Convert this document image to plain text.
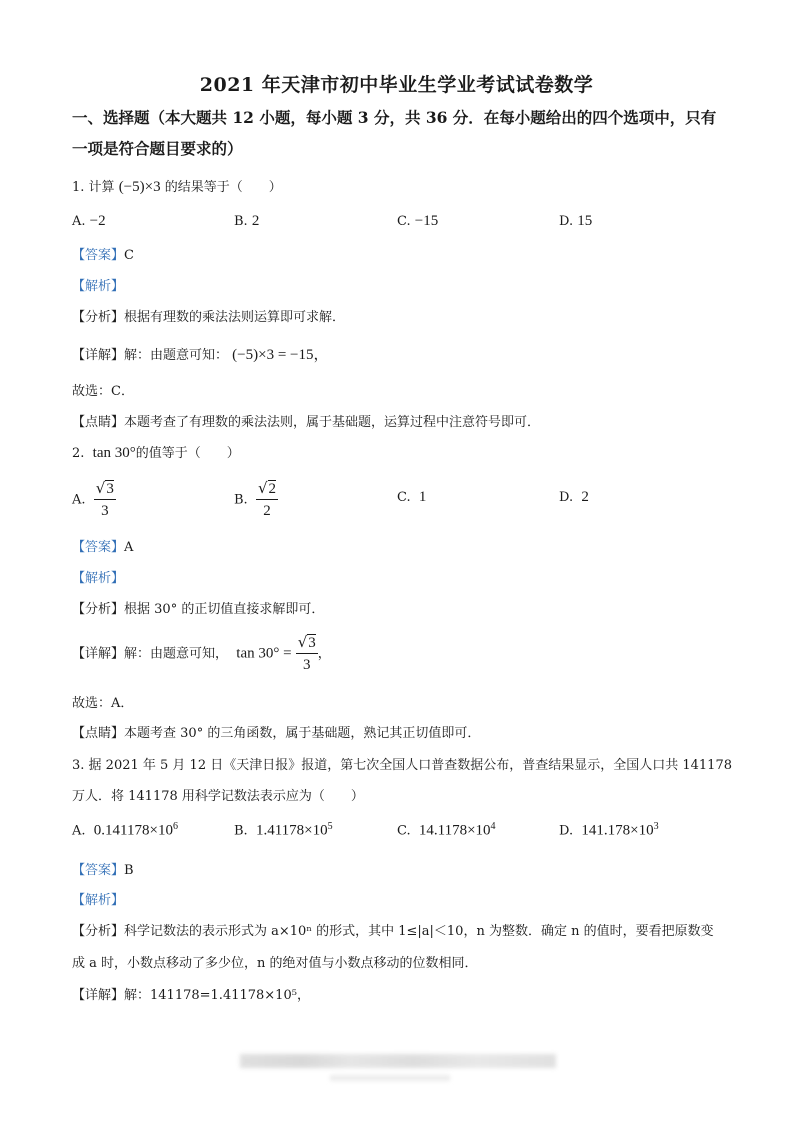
2021 年天津市初中毕业生学业考试试卷数学
一、选择题（本大题共 12 小题，每小题 3 分，共 36 分．在每小题给出的四个选项中，只有
一项是符合题目要求的）
1. 计算 (−5)×3 的结果等于（　　）
A. −2	B. 2	C. −15	D. 15
【答案】C
【解析】
【分析】根据有理数的乘法法则运算即可求解．
【详解】解：由题意可知： (−5)×3 = −15，
故选：C．
【点睛】本题考查了有理数的乘法法则，属于基础题，运算过程中注意符号即可．
2. tan 30°的值等于（　　）
A. $\frac{√3}{3}$	B. $\frac{√2}{2}$	C. 1	D. 2
【答案】A
【解析】
【分析】根据 30° 的正切值直接求解即可．
【详解】解：由题意可知， $\tan 30^\circ = \frac{√3}{3}$ ，
故选：A．
【点睛】本题考查 30° 的三角函数，属于基础题，熟记其正切值即可．
3. 据 2021 年 5 月 12 日《天津日报》报道，第七次全国人口普查数据公布，普查结果显示，全国人口共 141178
万人．将 141178 用科学记数法表示应为（　　）
A. $0.141178\times 10^6$	B. $1.41178\times 10^5$	C. $14.1178\times 10^4$	D. $141.178\times 10^3$
【答案】B
【解析】
【分析】科学记数法的表示形式为 a×10ⁿ 的形式，其中 1≤|a|＜10，n 为整数．确定 n 的值时，要看把原数变
成 a 时，小数点移动了多少位，n 的绝对值与小数点移动的位数相同．
【详解】解：141178=1.41178×10⁵，
